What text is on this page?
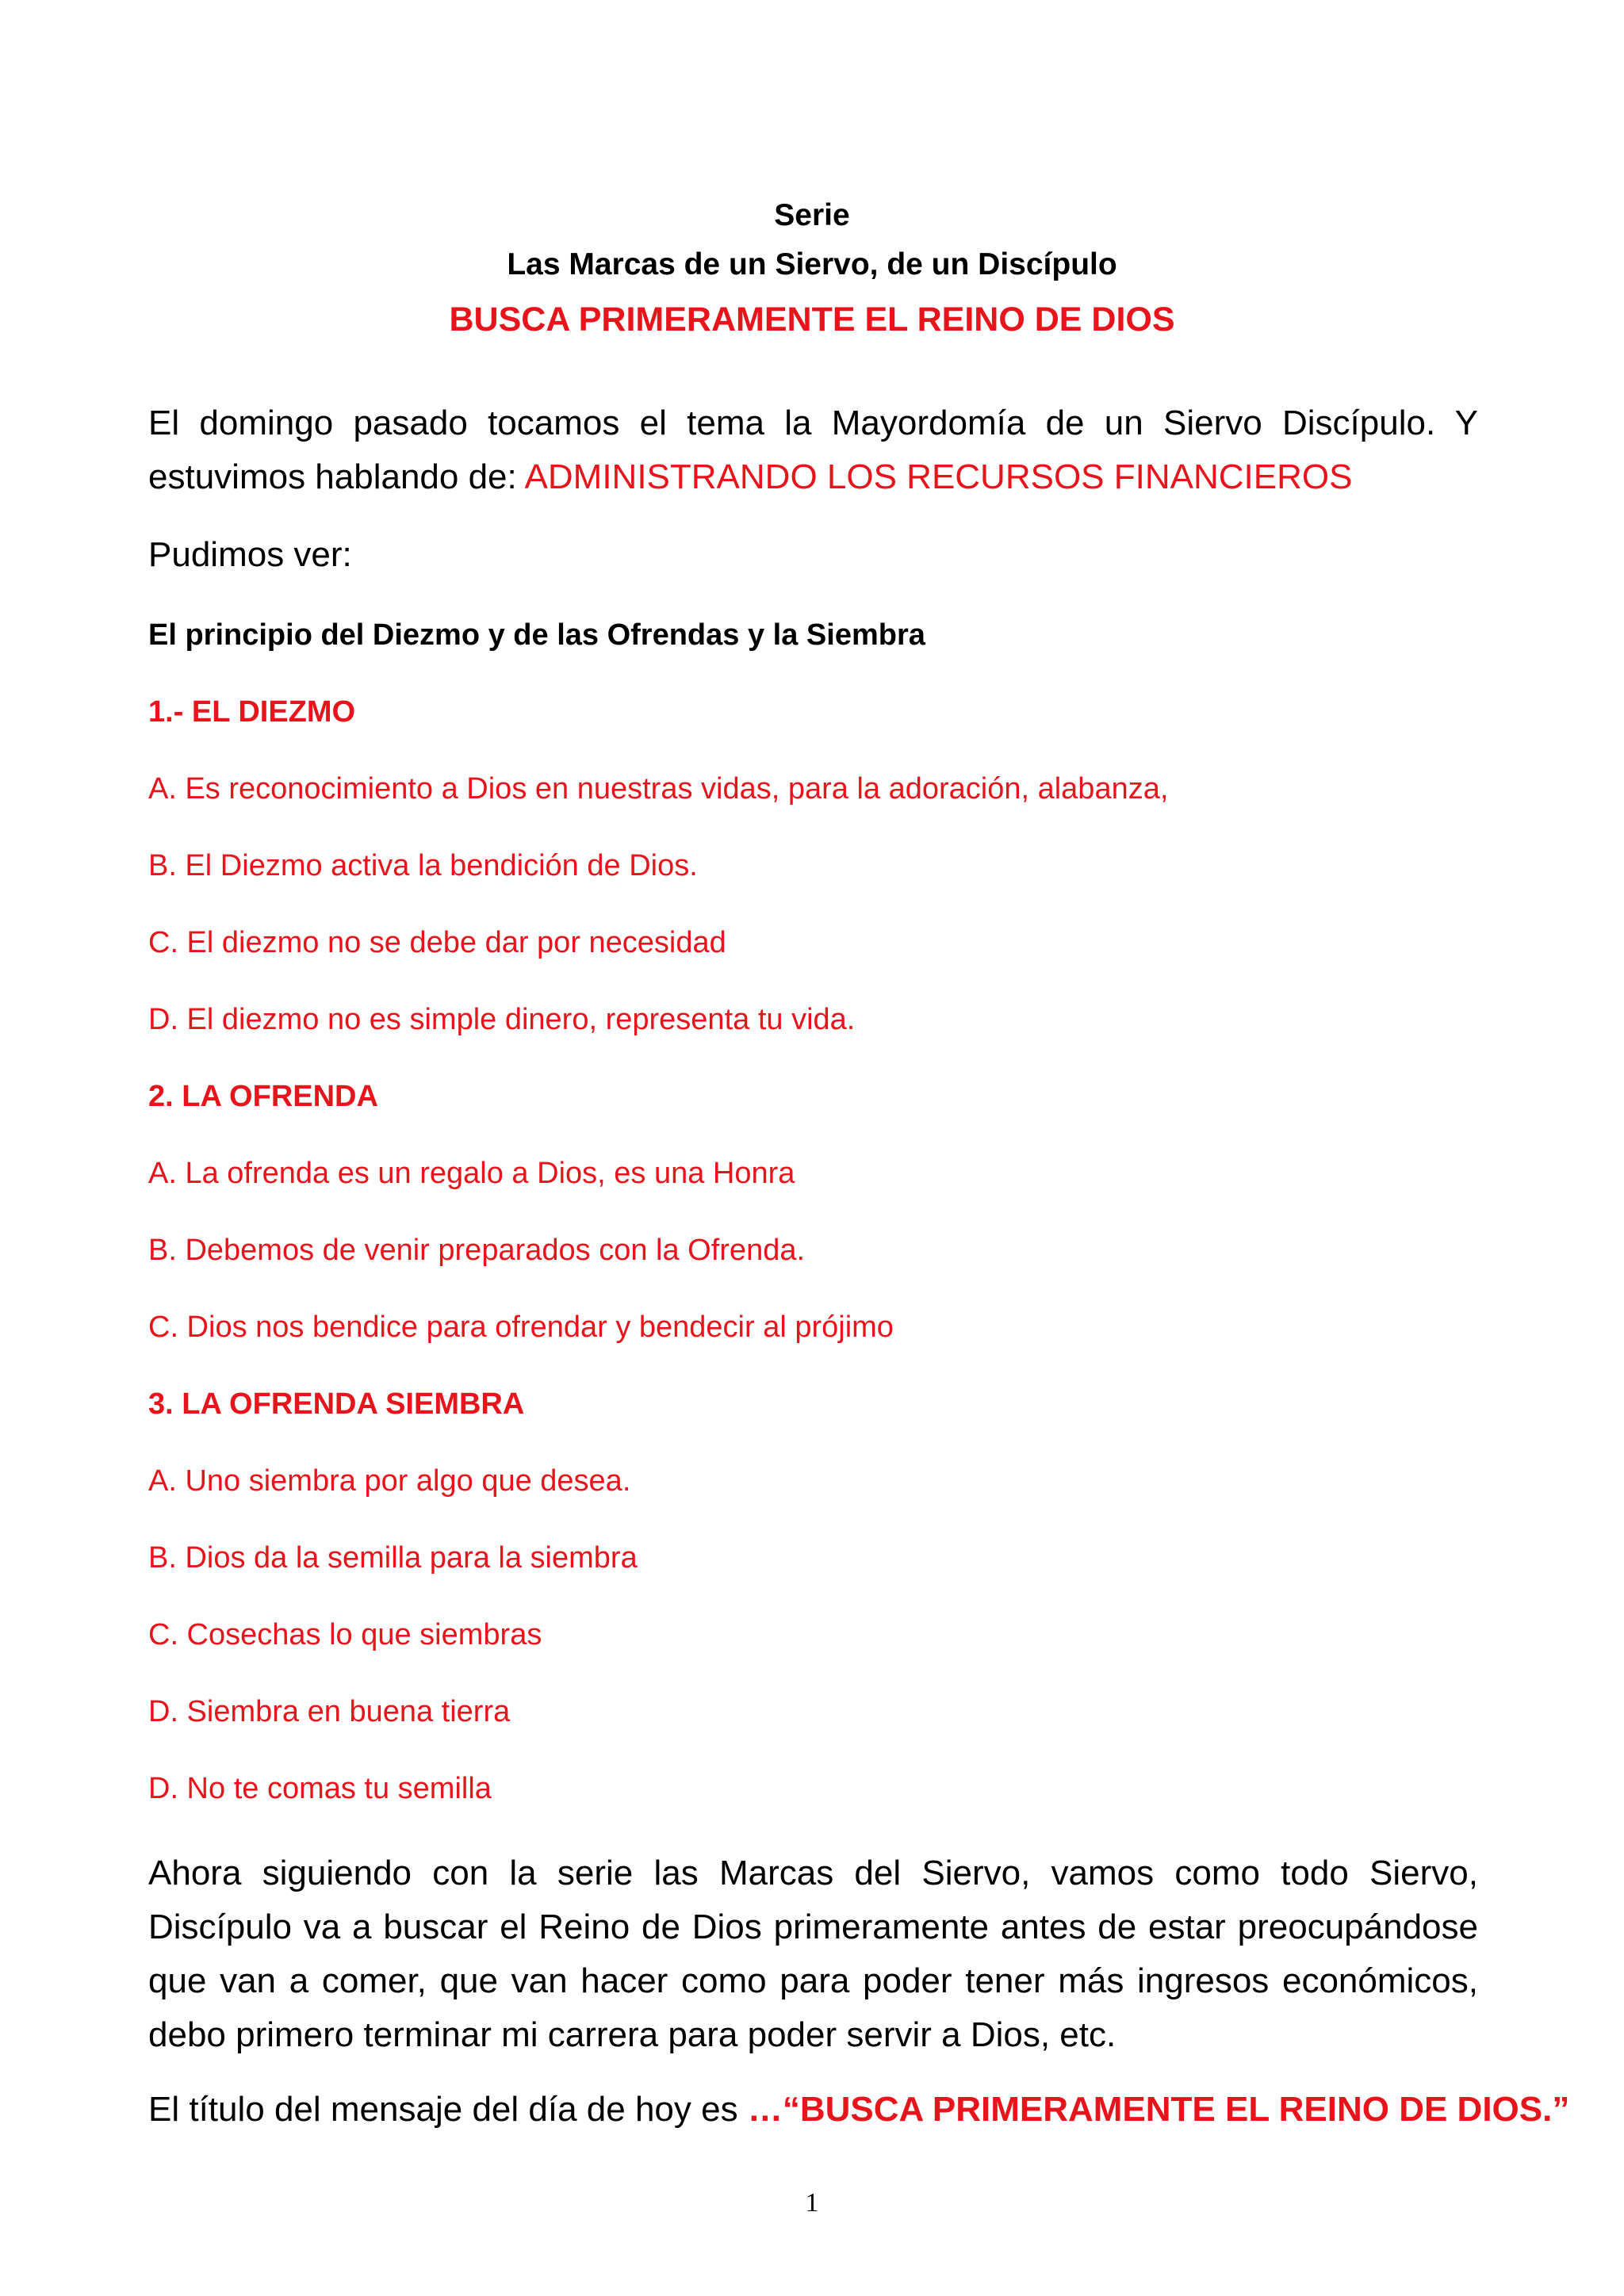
Serie
Las Marcas de un Siervo, de un Discípulo
BUSCA PRIMERAMENTE EL REINO DE DIOS
El domingo pasado tocamos el tema la Mayordomía de un Siervo Discípulo. Y estuvimos hablando de: ADMINISTRANDO LOS RECURSOS FINANCIEROS
Pudimos ver:
El principio del Diezmo y de las Ofrendas y la Siembra
1.- EL DIEZMO
A. Es reconocimiento a Dios en nuestras vidas, para la adoración, alabanza,
B. El Diezmo activa la bendición de Dios.
C. El diezmo no se debe dar por necesidad
D. El diezmo no es simple dinero, representa tu vida.
2. LA OFRENDA
A. La ofrenda es un regalo a Dios, es una Honra
B. Debemos de venir preparados con la Ofrenda.
C. Dios nos bendice para ofrendar y bendecir al prójimo
3. LA OFRENDA SIEMBRA
A. Uno siembra por algo que desea.
B. Dios da la semilla para la siembra
C. Cosechas lo que siembras
D. Siembra en buena tierra
D. No te comas tu semilla
Ahora siguiendo con la serie las Marcas del Siervo, vamos como todo Siervo, Discípulo va a buscar el Reino de Dios primeramente antes de estar preocupándose que van a comer, que van hacer como para poder tener más ingresos económicos, debo primero terminar mi carrera para poder servir a Dios, etc.
El título del mensaje del día de hoy es …“BUSCA PRIMERAMENTE EL REINO DE DIOS.”
1
